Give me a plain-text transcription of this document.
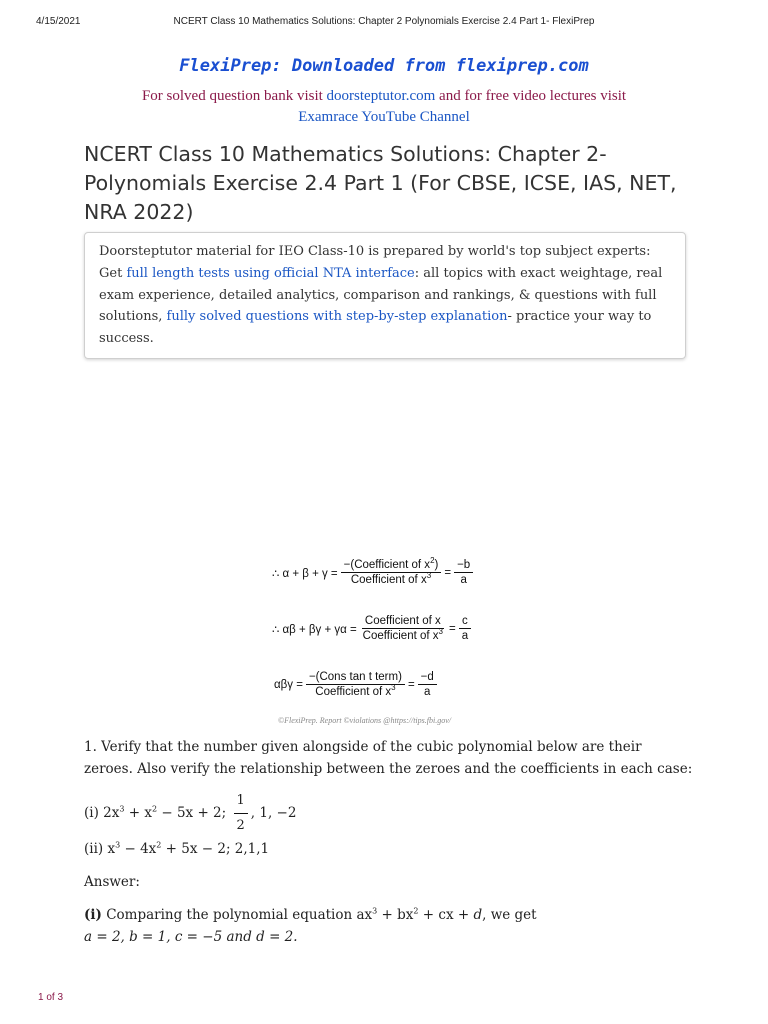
4/15/2021	NCERT Class 10 Mathematics Solutions: Chapter 2 Polynomials Exercise 2.4 Part 1- FlexiPrep
FlexiPrep: Downloaded from flexiprep.com
For solved question bank visit doorsteptutor.com and for free video lectures visit
Examrace YouTube Channel
NCERT Class 10 Mathematics Solutions: Chapter 2- Polynomials Exercise 2.4 Part 1 (For CBSE, ICSE, IAS, NET, NRA 2022)
Doorsteptutor material for IEO Class-10 is prepared by world's top subject experts: Get full length tests using official NTA interface: all topics with exact weightage, real exam experience, detailed analytics, comparison and rankings, & questions with full solutions, fully solved questions with step-by-step explanation- practice your way to success.
∴ $\alpha + \beta + \gamma = \frac{-(Coefficient of x^2)}{Coefficient of x^3} = \frac{-b}{a}$
∴ $\alpha\beta + \beta\gamma + \gamma\alpha = \frac{\text{Coefficient of x}}{Coefficient of x^3} = \frac{c}{a}$
$\alpha\beta\gamma = \frac{\text{−(Cons tan t term)}}{Coefficient of x^3} = \frac{-d}{a}$
©FlexiPrep. Report ©violations @https://tips.fbi.gov/

1. Verify that the number given alongside of the cubic polynomial below are their zeroes. Also verify the relationship between the zeroes and the coefficients in each case:

(i) $2x^3 + x^2 - 5x + 2$; $\frac{1}{2}$ , 1, −2

(ii) $x^3 - 4x^2 + 5x - 2$; 2,1,1

Answer:

(i) Comparing the polynomial equation $ax^3 + bx^2$ + cx + d, we get
a = 2, b = 1, c = −5 and d = 2.

1 of 3
